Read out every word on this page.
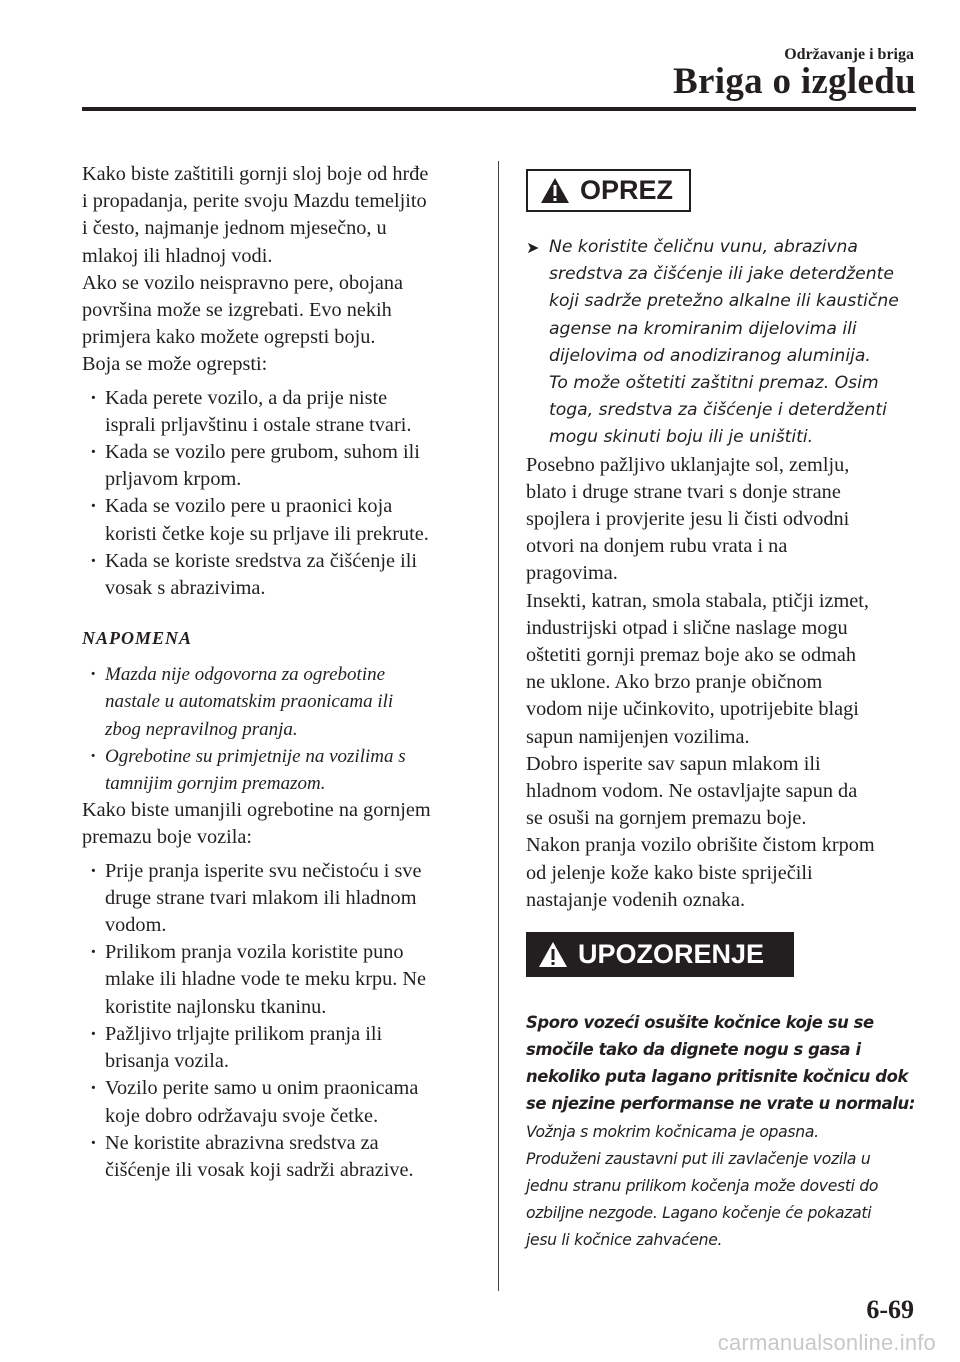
Održavanje i briga
Briga o izgledu

Kako biste zaštitili gornji sloj boje od hrđe
i propadanja, perite svoju Mazdu temeljito
i često, najmanje jednom mjesečno, u
mlakoj ili hladnoj vodi.
Ako se vozilo neispravno pere, obojana
površina može se izgrebati. Evo nekih
primjera kako možete ogrepsti boju.
Boja se može ogrepsti:

· Kada perete vozilo, a da prije niste
isprali prljavštinu i ostale strane tvari.
· Kada se vozilo pere grubom, suhom ili
prljavom krpom.
· Kada se vozilo pere u praonici koja
koristi četke koje su prljave ili prekrute.
· Kada se koriste sredstva za čišćenje ili
vosak s abrazivima.
NAPOMENA
· Mazda nije odgovorna za ogrebotine
nastale u automatskim praonicama ili
zbog nepravilnog pranja.
· Ogrebotine su primjetnije na vozilima s
tamnijim gornjim premazom.

Kako biste umanjili ogrebotine na gornjem
premazu boje vozila:

· Prije pranja isperite svu nečistoću i sve
druge strane tvari mlakom ili hladnom
vodom.
· Prilikom pranja vozila koristite puno
mlake ili hladne vode te meku krpu. Ne
koristite najlonsku tkaninu.
· Pažljivo trljajte prilikom pranja ili
brisanja vozila.
· Vozilo perite samo u onim praonicama
koje dobro održavaju svoje četke.
· Ne koristite abrazivna sredstva za
čišćenje ili vosak koji sadrži abrazive.
OPREZ
➤ Ne koristite čeličnu vunu, abrazivna
sredstva za čišćenje ili jake deterdžente
koji sadrže pretežno alkalne ili kaustične
agense na kromiranim dijelovima ili
dijelovima od anodiziranog aluminija.
To može oštetiti zaštitni premaz. Osim
toga, sredstva za čišćenje i deterdženti
mogu skinuti boju ili je uništiti.

Posebno pažljivo uklanjajte sol, zemlju,
blato i druge strane tvari s donje strane
spojlera i provjerite jesu li čisti odvodni
otvori na donjem rubu vrata i na
pragovima.
Insekti, katran, smola stabala, ptičji izmet,
industrijski otpad i slične naslage mogu
oštetiti gornji premaz boje ako se odmah
ne uklone. Ako brzo pranje običnom
vodom nije učinkovito, upotrijebite blagi
sapun namijenjen vozilima.
Dobro isperite sav sapun mlakom ili
hladnom vodom. Ne ostavljajte sapun da
se osuši na gornjem premazu boje.
Nakon pranja vozilo obrišite čistom krpom
od jelenje kože kako biste spriječili
nastajanje vodenih oznaka.

UPOZORENJE

Sporo vozeći osušite kočnice koje su se
smočile tako da dignete nogu s gasa i
nekoliko puta lagano pritisnite kočnicu dok
se njezine performanse ne vrate u normalu:

Vožnja s mokrim kočnicama je opasna.
Produženi zaustavni put ili zavlačenje vozila u
jednu stranu prilikom kočenja može dovesti do
ozbiljne nezgode. Lagano kočenje će pokazati
jesu li kočnice zahvaćene.

6-69
carmanualsonline.info
